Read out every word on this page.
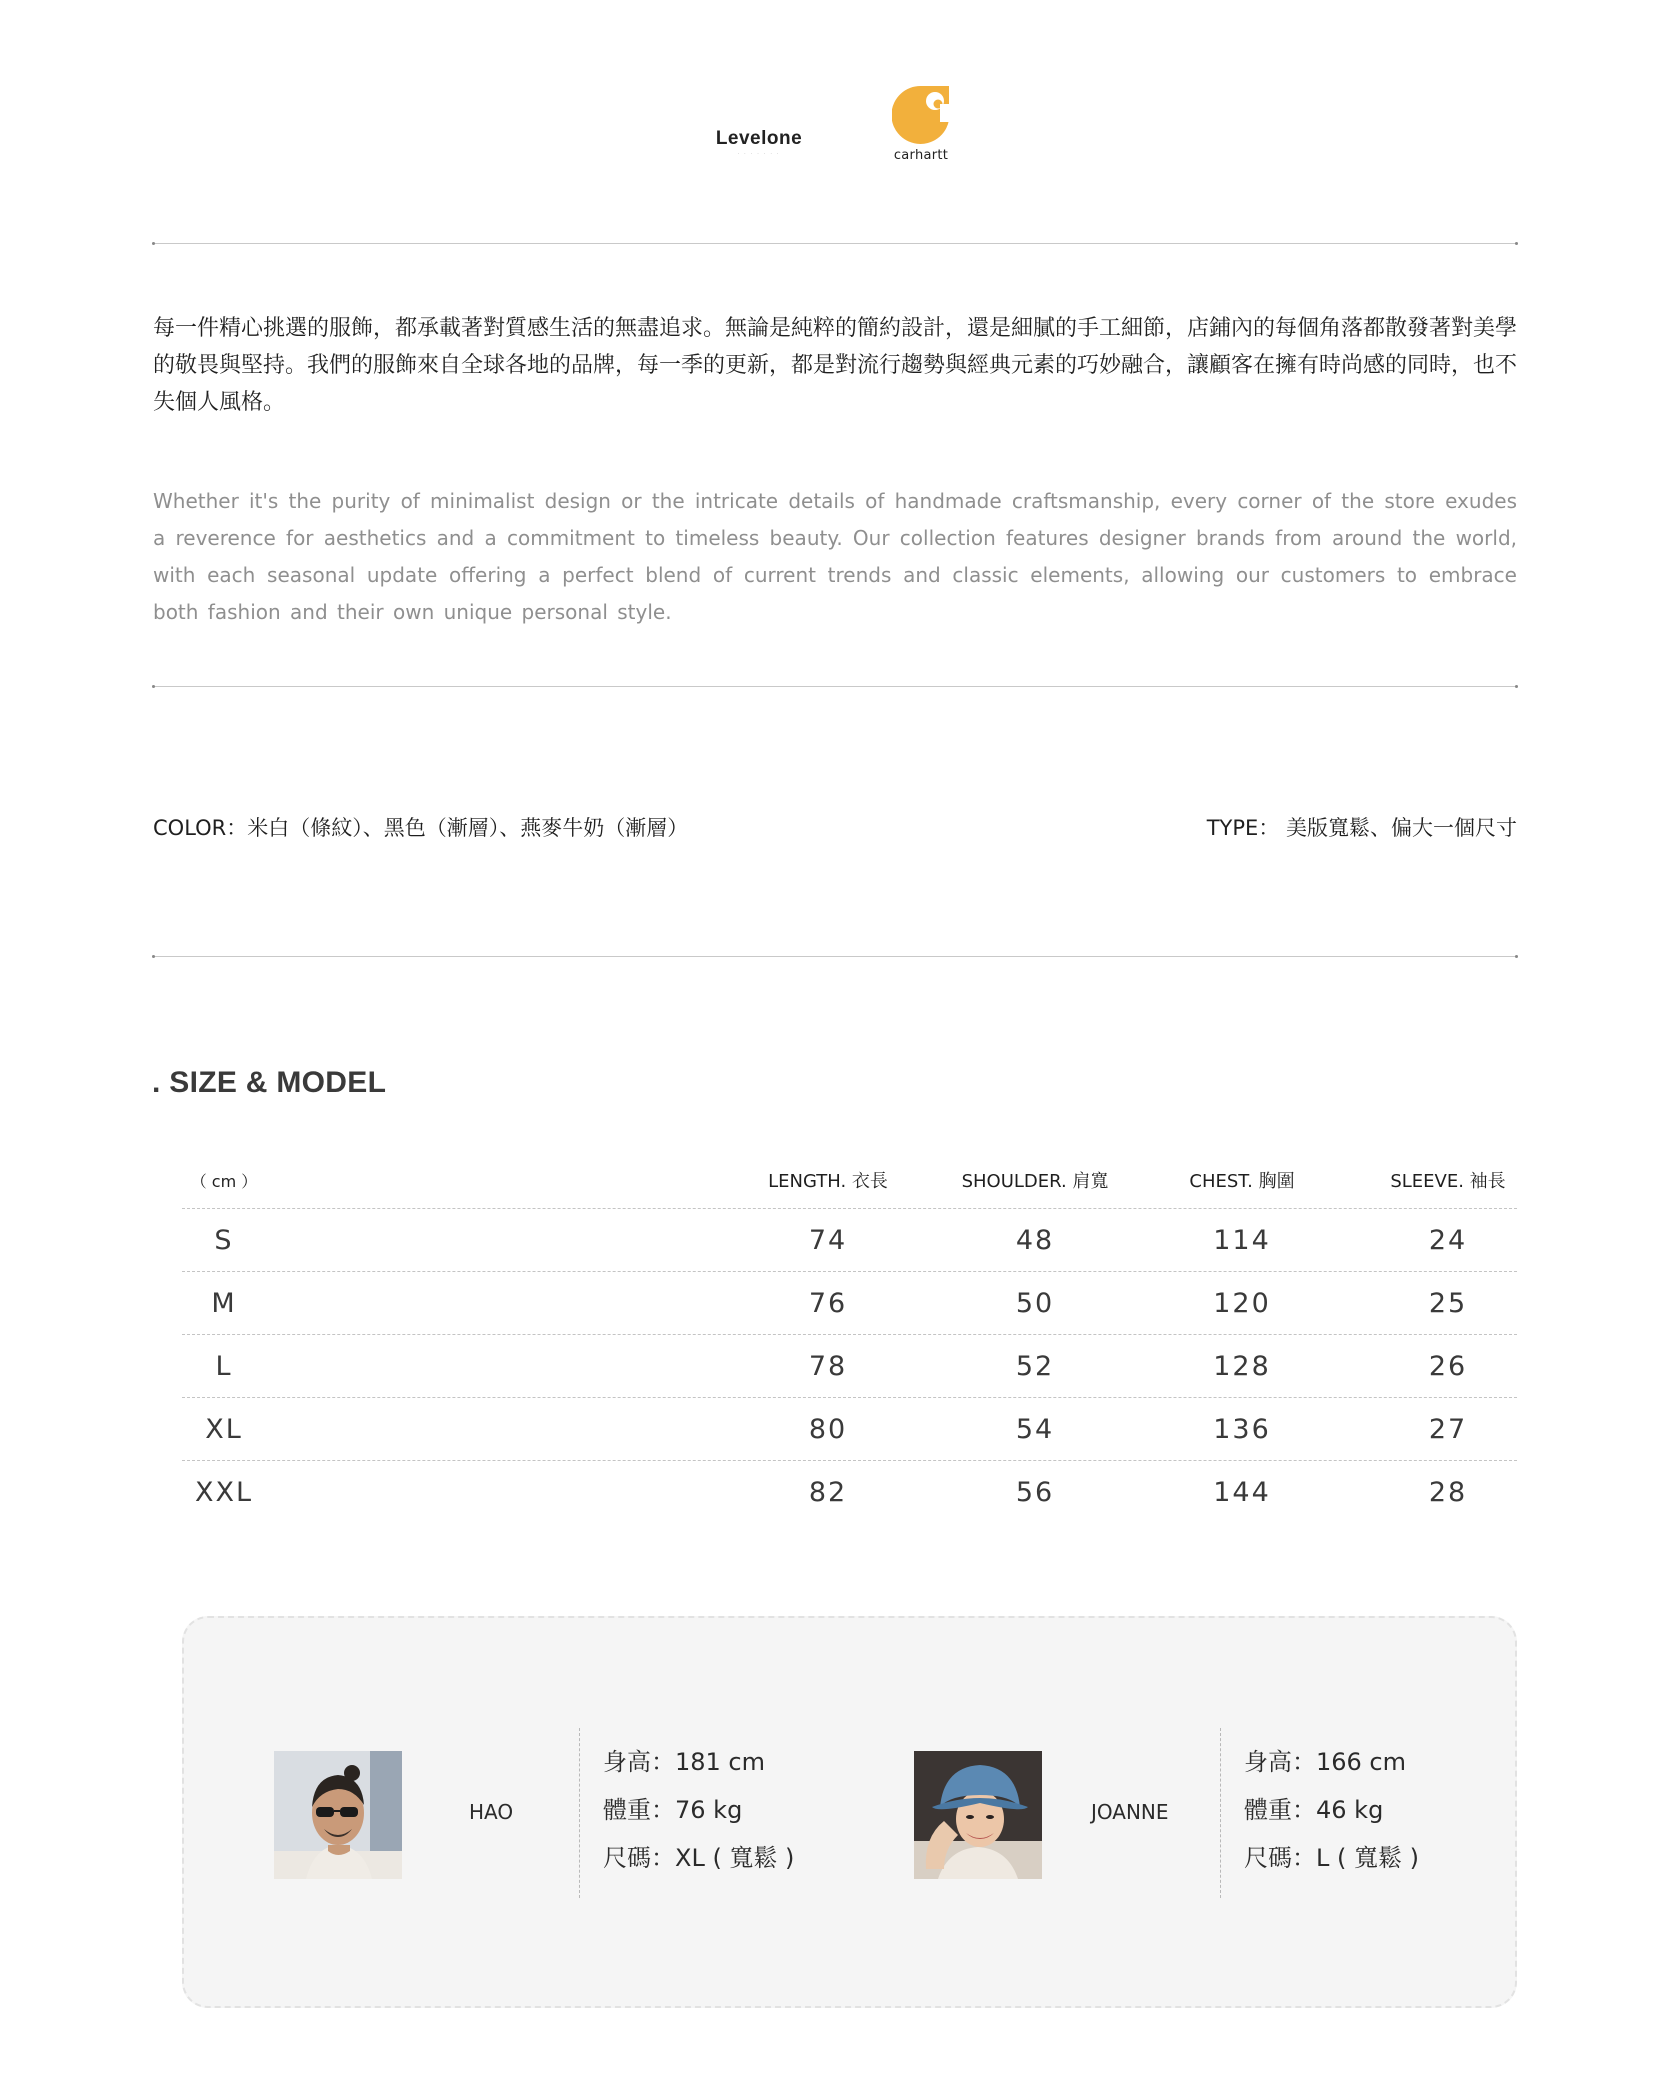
Levelone
· · · · · · ·	carhartt
每一件精心挑選的服飾，都承載著對質感生活的無盡追求。無論是純粹的簡約設計，還是細膩的手工細節，店鋪內的每個角落都散發著對美學的敬畏與堅持。我們的服飾來自全球各地的品牌，每一季的更新，都是對流行趨勢與經典元素的巧妙融合，讓顧客在擁有時尚感的同時，也不失個人風格。
Whether it's the purity of minimalist design or the intricate details of handmade craftsmanship, every corner of the store exudes a reverence for aesthetics and a commitment to timeless beauty. Our collection features designer brands from around the world, with each seasonal update offering a perfect blend of current trends and classic elements, allowing our customers to embrace both fashion and their own unique personal style.
COLOR：米白（條紋）、黑色（漸層）、燕麥牛奶（漸層）	TYPE： 美版寬鬆、偏大一個尺寸
. SIZE & MODEL
（ cm ）	LENGTH. 衣長	SHOULDER. 肩寬	CHEST. 胸圍	SLEEVE. 袖長
S	74	48	114	24
M	76	50	120	25
L	78	52	128	26
XL	80	54	136	27
XXL	82	56	144	28
HAO
身高：181 cm
體重：76 kg
尺碼：XL ( 寬鬆 )
JOANNE
身高：166 cm
體重：46 kg
尺碼：L ( 寬鬆 )
